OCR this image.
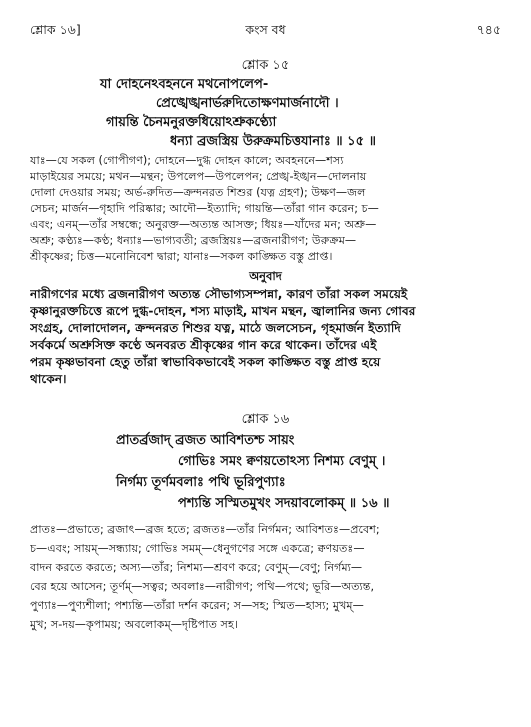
শ্লোক ১৬]	কংস বধ	৭৪৫
শ্লোক ১৫
যা দোহনেঽবহননে মথনোপলেপ-
প্রেঙ্খেঙ্খনার্ভরুদিতোক্ষণমার্জনাদৌ ।
গায়ন্তি চৈনমনুরক্তধিয়োঽশ্রুকণ্ঠ্যো
ধন্যা ব্রজস্ত্রিয় উরুক্রমচিত্তযানাঃ ॥ ১৫ ॥

যাঃ—যে সকল (গোপীগণ); দোহনে—দুগ্ধ দোহন কালে; অবহননে—শস্য

মাড়াইয়ের সময়ে; মথন—মন্থন; উপলেপ—উপলেপন; প্রেঙ্খ-ইঙ্খন—দোলনায়

দোলা দেওয়ার সময়; অর্ভ-রুদিত—ক্রন্দনরত শিশুর (যত্ন গ্রহণ); উক্ষণ—জল

সেচন; মার্জন—গৃহাদি পরিষ্কার; আদৌ—ইত্যাদি; গায়ন্তি—তাঁরা গান করেন; চ—

এবং; এনম্—তাঁর সম্বন্ধে; অনুরক্ত—অত্যন্ত আসক্ত; ধিয়ঃ—যাঁদের মন; অশ্রু—

অশ্রু; কণ্ঠ্যঃ—কণ্ঠ; ধন্যাঃ—ভাগ্যবতী; ব্রজস্ত্রিয়ঃ—ব্রজনারীগণ; উরুক্রম—

শ্রীকৃষ্ণের; চিত্ত—মনোনিবেশ দ্বারা; যানাঃ—সকল কাঙ্ক্ষিত বস্তু প্রাপ্ত।

অনুবাদ

নারীগণের মধ্যে ব্রজনারীগণ অত্যন্ত সৌভাগ্যসম্পন্না, কারণ তাঁরা সকল সময়েই

কৃষ্ণানুরক্তচিত্তে রূপে দুগ্ধ-দোহন, শস্য মাড়াই, মাখন মন্থন, জ্বালানির জন্য গোবর

সংগ্রহ, দোলাদোলন, ক্রন্দনরত শিশুর যত্ন, মাঠে জলসেচন, গৃহমার্জন ইত্যাদি

সর্বকর্মে অশ্রুসিক্ত কণ্ঠে অনবরত শ্রীকৃষ্ণের গান করে থাকেন। তাঁদের এই

পরম কৃষ্ণভাবনা হেতু তাঁরা স্বাভাবিকভাবেই সকল কাঙ্ক্ষিত বস্তু প্রাপ্ত হয়ে

থাকেন।

শ্লোক ১৬
প্রাতর্ব্রজাদ্ ব্রজত আবিশতশ্চ সায়ং
গোভিঃ সমং ক্বণয়তোঽস্য নিশম্য বেণুম্ ।
নির্গম্য তূর্ণমবলাঃ পথি ভূরিপুণ্যাঃ
পশ্যন্তি সস্মিতমুখং সদয়াবলোকম্ ॥ ১৬ ॥

প্রাতঃ—প্রভাতে; ব্রজাৎ—ব্রজ হতে; ব্রজতঃ—তাঁর নির্গমন; আবিশতঃ—প্রবেশ;

চ—এবং; সায়ম্—সন্ধ্যায়; গোভিঃ সমম্—ধেনুগণের সঙ্গে একত্রে; ক্বণয়তঃ—

বাদন করতে করতে; অস্য—তাঁর; নিশম্য—শ্রবণ করে; বেণুম্—বেণু; নির্গম্য—

বের হয়ে আসেন; তূর্ণম্—সত্বর; অবলাঃ—নারীগণ; পথি—পথে; ভূরি—অত্যন্ত,

পুণ্যাঃ—পুণ্যশীলা; পশ্যন্তি—তাঁরা দর্শন করেন; স—সহ; স্মিত—হাস্য; মুখম্—

মুখ; স-দয়—কৃপাময়; অবলোকম্—দৃষ্টিপাত সহ।
